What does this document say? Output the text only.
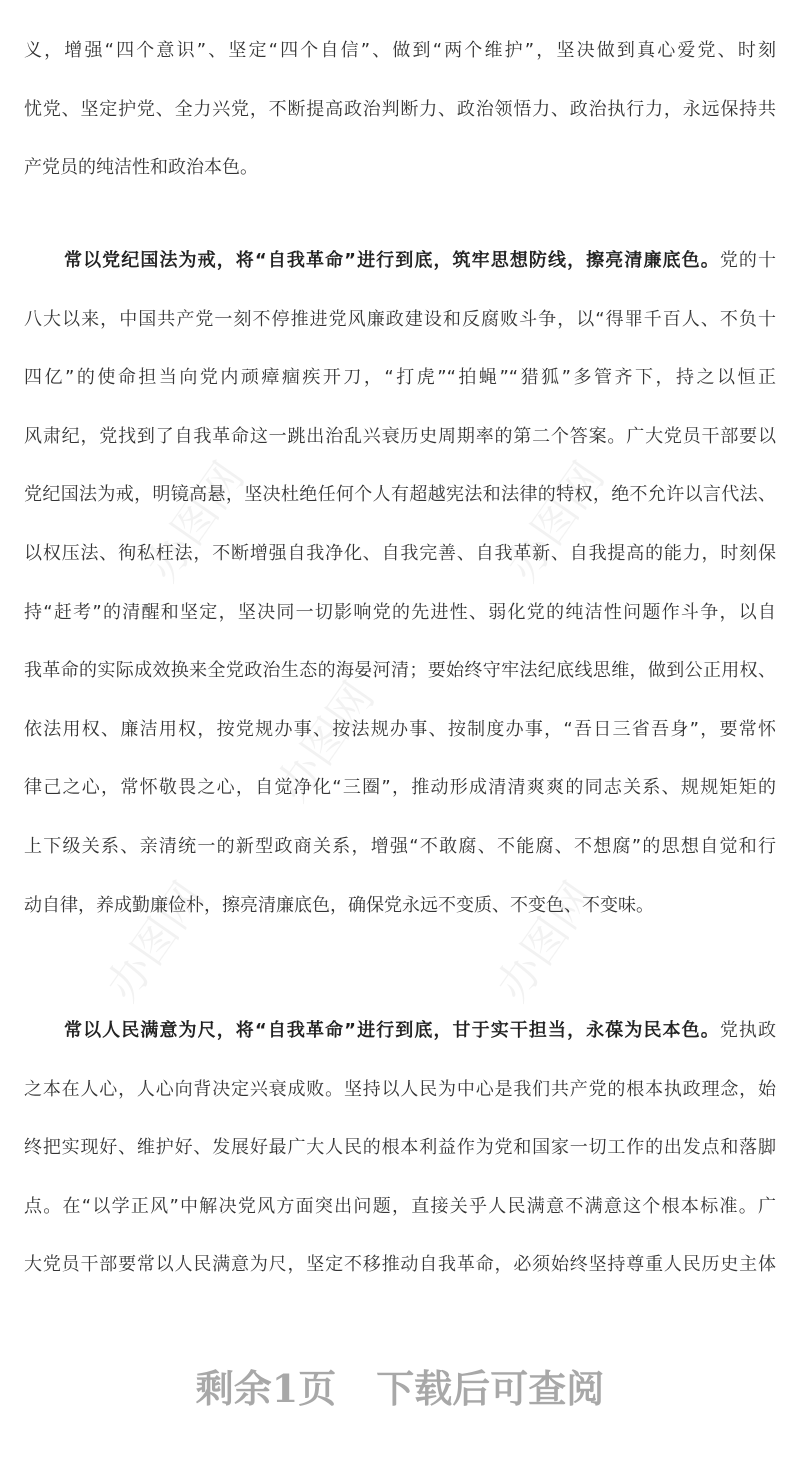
办图网	办图网
办图网
办图网	办图网
义，增强“四个意识”、坚定“四个自信”、做到“两个维护”，坚决做到真心爱党、时刻
忧党、坚定护党、全力兴党，不断提高政治判断力、政治领悟力、政治执行力，永远保持共
产党员的纯洁性和政治本色。
常以党纪国法为戒，将“自我革命”进行到底，筑牢思想防线，擦亮清廉底色。党的十
八大以来，中国共产党一刻不停推进党风廉政建设和反腐败斗争，以“得罪千百人、不负十
四亿”的使命担当向党内顽瘴痼疾开刀，“打虎”“拍蝇”“猎狐”多管齐下，持之以恒正
风肃纪，党找到了自我革命这一跳出治乱兴衰历史周期率的第二个答案。广大党员干部要以
党纪国法为戒，明镜高悬，坚决杜绝任何个人有超越宪法和法律的特权，绝不允许以言代法、
以权压法、徇私枉法，不断增强自我净化、自我完善、自我革新、自我提高的能力，时刻保
持“赶考”的清醒和坚定，坚决同一切影响党的先进性、弱化党的纯洁性问题作斗争，以自
我革命的实际成效换来全党政治生态的海晏河清；要始终守牢法纪底线思维，做到公正用权、
依法用权、廉洁用权，按党规办事、按法规办事、按制度办事，“吾日三省吾身”，要常怀
律己之心，常怀敬畏之心，自觉净化“三圈”，推动形成清清爽爽的同志关系、规规矩矩的
上下级关系、亲清统一的新型政商关系，增强“不敢腐、不能腐、不想腐”的思想自觉和行
动自律，养成勤廉俭朴，擦亮清廉底色，确保党永远不变质、不变色、不变味。
常以人民满意为尺，将“自我革命”进行到底，甘于实干担当，永葆为民本色。党执政
之本在人心，人心向背决定兴衰成败。坚持以人民为中心是我们共产党的根本执政理念，始
终把实现好、维护好、发展好最广大人民的根本利益作为党和国家一切工作的出发点和落脚
点。在“以学正风”中解决党风方面突出问题，直接关乎人民满意不满意这个根本标准。广
大党员干部要常以人民满意为尺，坚定不移推动自我革命，必须始终坚持尊重人民历史主体
剩余1页 下载后可查阅
